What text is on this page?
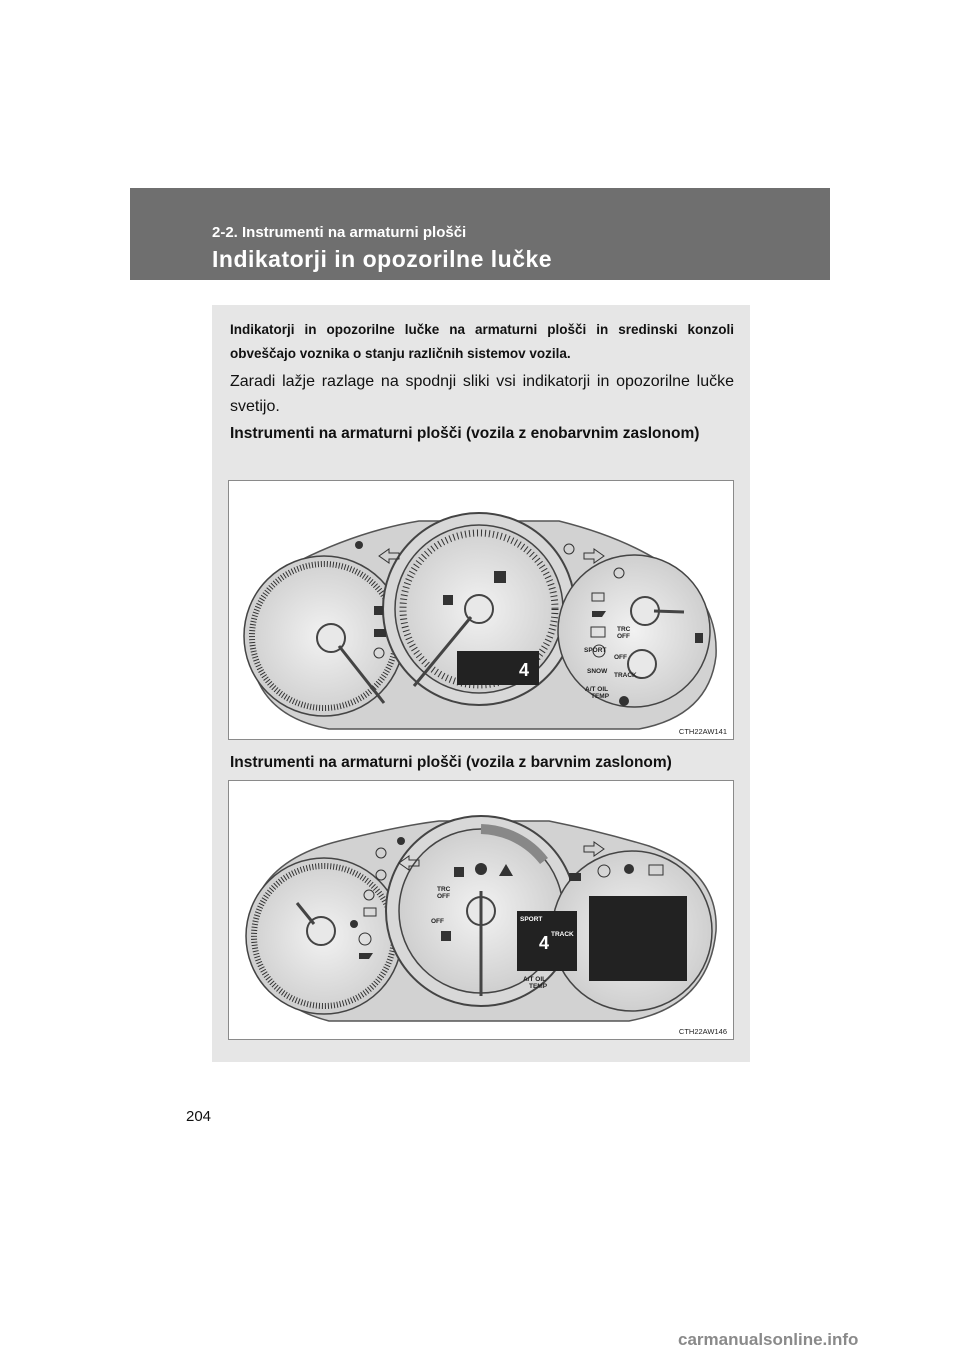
2-2. Instrumenti na armaturni plošči
Indikatorji in opozorilne lučke
Indikatorji in opozorilne lučke na armaturni plošči in sredinski konzoli obveščajo voznika o stanju različnih sistemov vozila.
Zaradi lažje razlage na spodnji sliki vsi indikatorji in opozorilne lučke svetijo.
Instrumenti na armaturni plošči (vozila z enobarvnim zaslonom)
4
TRC
OFF
OFF
SPORT
SNOW
TRACK
A/T OIL
TEMP
CTH22AW141
Instrumenti na armaturni plošči (vozila z barvnim zaslonom)
4
TRC
OFF
OFF	SPORT
TRACK
A/T OIL
TEMP
CTH22AW146
204
carmanualsonline.info
